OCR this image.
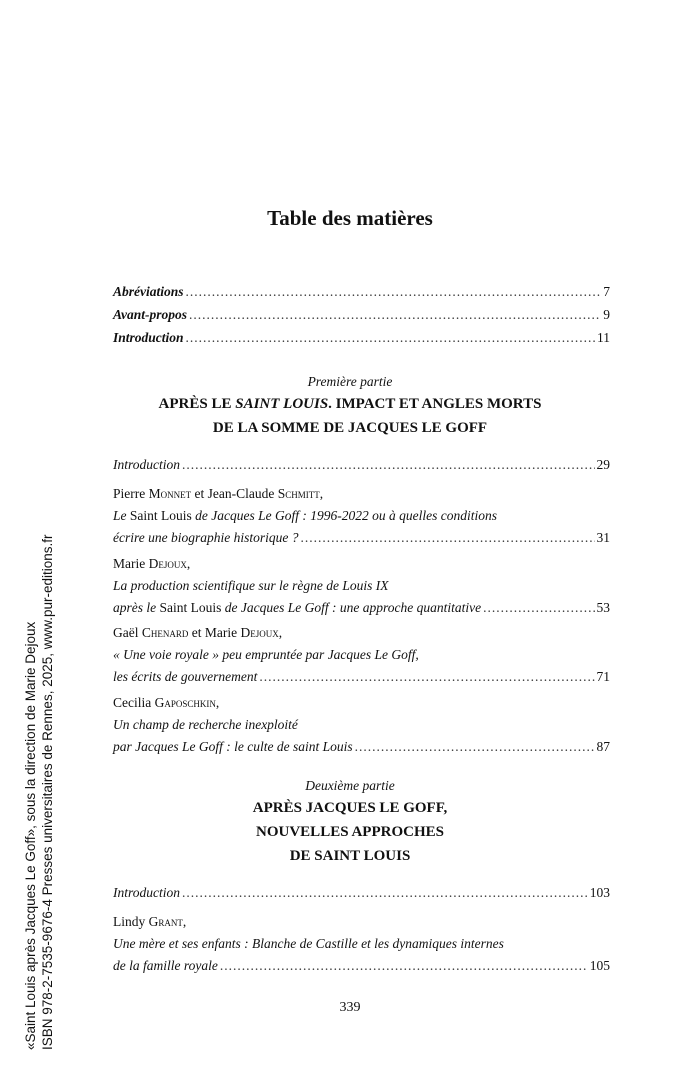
«Saint Louis après Jacques Le Goff», sous la direction de Marie Dejoux ISBN 978-2-7535-9676-4 Presses universitaires de Rennes, 2025, www.pur-editions.fr
Table des matières
Abréviations .....	7
Avant-propos .....	9
Introduction .....	11
Première partie
APRÈS LE SAINT LOUIS. IMPACT ET ANGLES MORTS
DE LA SOMME DE JACQUES LE GOFF
Introduction .....	29
Pierre Monnet et Jean-Claude Schmitt,
Le Saint Louis de Jacques Le Goff : 1996-2022 ou à quelles conditions
écrire une biographie historique ? .....	31
Marie Dejoux,
La production scientifique sur le règne de Louis IX
après le Saint Louis de Jacques Le Goff : une approche quantitative .....	53
Gaël Chenard et Marie Dejoux,
« Une voie royale » peu empruntée par Jacques Le Goff,
les écrits de gouvernement .....	71
Cecilia Gaposchkin,
Un champ de recherche inexploité
par Jacques Le Goff : le culte de saint Louis .....	87
Deuxième partie
APRÈS JACQUES LE GOFF,
NOUVELLES APPROCHES
DE SAINT LOUIS
Introduction .....	103
Lindy Grant,
Une mère et ses enfants : Blanche de Castille et les dynamiques internes
de la famille royale .....	105
339
